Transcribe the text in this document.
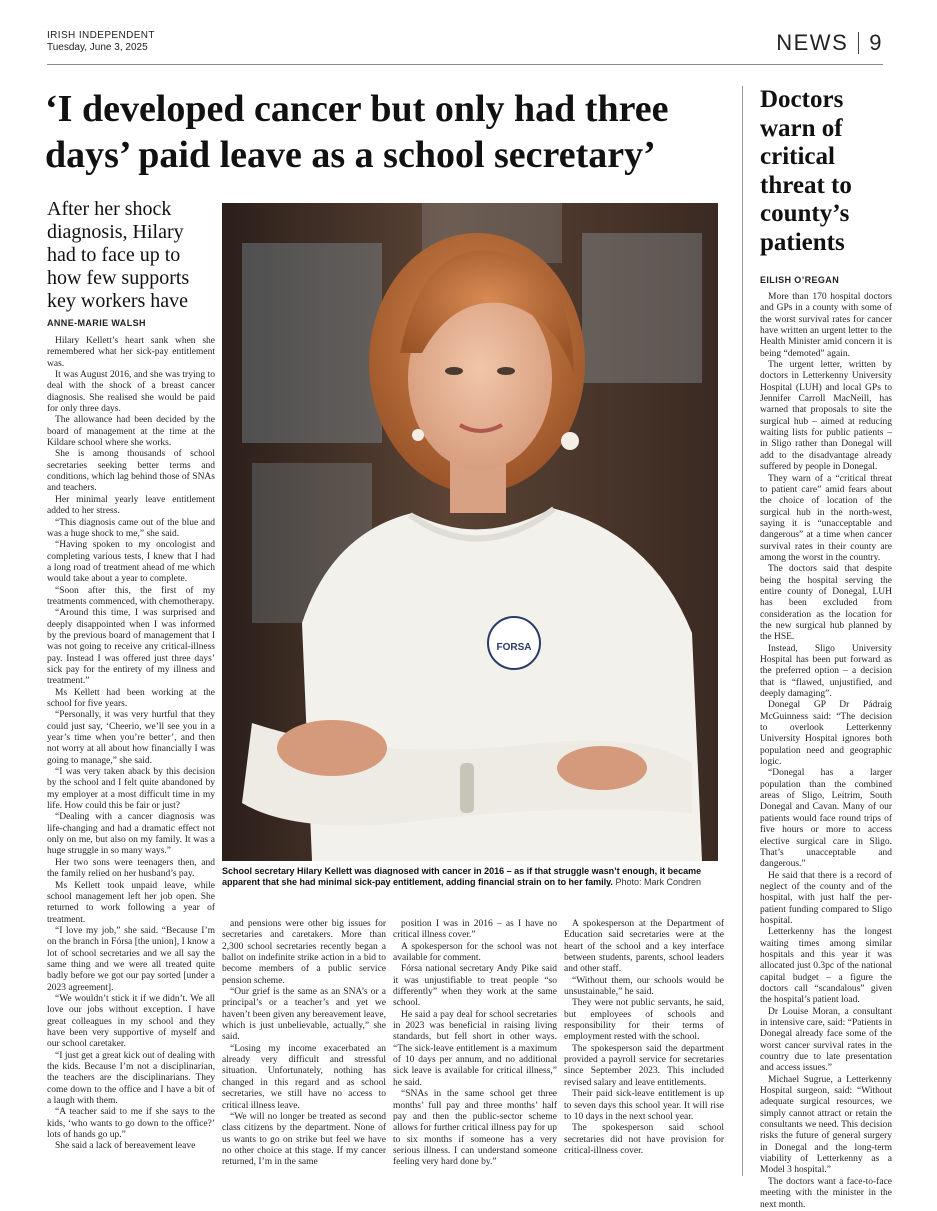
IRISH INDEPENDENT
Tuesday, June 3, 2025	NEWS 9
‘I developed cancer but only had three days’ paid leave as a school secretary’
After her shock diagnosis, Hilary had to face up to how few supports key workers have
ANNE-MARIE WALSH
FORSA
School secretary Hilary Kellett was diagnosed with cancer in 2016 – as if that struggle wasn’t enough, it became apparent that she had minimal sick-pay entitlement, adding financial strain on to her family. Photo: Mark Condren

Hilary Kellett’s heart sank when she remembered what her sick-pay entitlement was.

It was August 2016, and she was trying to deal with the shock of a breast cancer diagnosis. She realised she would be paid for only three days.

The allowance had been decided by the board of management at the time at the Kildare school where she works.

She is among thousands of school secretaries seeking better terms and conditions, which lag behind those of SNAs and teachers.

Her minimal yearly leave entitlement added to her stress.

“This diagnosis came out of the blue and was a huge shock to me,” she said.

“Having spoken to my oncologist and completing various tests, I knew that I had a long road of treatment ahead of me which would take about a year to complete.

“Soon after this, the first of my treatments commenced, with chemotherapy.

“Around this time, I was surprised and deeply disappointed when I was informed by the previous board of management that I was not going to receive any critical-illness pay. Instead I was offered just three days’ sick pay for the entirety of my illness and treatment.”

Ms Kellett had been working at the school for five years.

“Personally, it was very hurtful that they could just say, ‘Cheerio, we’ll see you in a year’s time when you’re better’, and then not worry at all about how financially I was going to manage,” she said.

“I was very taken aback by this decision by the school and I felt quite abandoned by my employer at a most difficult time in my life. How could this be fair or just?

“Dealing with a cancer diagnosis was life-changing and had a dramatic effect not only on me, but also on my family. It was a huge struggle in so many ways.”

Her two sons were teenagers then, and the family relied on her husband’s pay.

Ms Kellett took unpaid leave, while school management left her job open. She returned to work following a year of treatment.

“I love my job,” she said. “Because I’m on the branch in Fórsa [the union], I know a lot of school secretaries and we all say the same thing and we were all treated quite badly before we got our pay sorted [under a 2023 agreement].

“We wouldn’t stick it if we didn’t. We all love our jobs without exception. I have great colleagues in my school and they have been very supportive of myself and our school caretaker.

“I just get a great kick out of dealing with the kids. Because I’m not a disciplinarian, the teachers are the disciplinarians. They come down to the office and I have a bit of a laugh with them.

“A teacher said to me if she says to the kids, ‘who wants to go down to the office?’ lots of hands go up.”

She said a lack of bereavement leave

and pensions were other big issues for secretaries and caretakers. More than 2,300 school secretaries recently began a ballot on indefinite strike action in a bid to become members of a public service pension scheme.

“Our grief is the same as an SNA’s or a principal’s or a teacher’s and yet we haven’t been given any bereavement leave, which is just unbelievable, actually,” she said.

“Losing my income exacerbated an already very difficult and stressful situation. Unfortunately, nothing has changed in this regard and as school secretaries, we still have no access to critical illness leave.

“We will no longer be treated as second class citizens by the department. None of us wants to go on strike but feel we have no other choice at this stage. If my cancer returned, I’m in the same

position I was in 2016 – as I have no critical illness cover.”

A spokesperson for the school was not available for comment.

Fórsa national secretary Andy Pike said it was unjustifiable to treat people “so differently” when they work at the same school.

He said a pay deal for school secretaries in 2023 was beneficial in raising living standards, but fell short in other ways. “The sick-leave entitlement is a maximum of 10 days per annum, and no additional sick leave is available for critical illness,” he said.

“SNAs in the same school get three months’ full pay and three months’ half pay and then the public-sector scheme allows for further critical illness pay for up to six months if someone has a very serious illness. I can understand someone feeling very hard done by.”

A spokesperson at the Department of Education said secretaries were at the heart of the school and a key interface between students, parents, school leaders and other staff.

“Without them, our schools would be unsustainable,” he said.

They were not public servants, he said, but employees of schools and responsibility for their terms of employment rested with the school.

The spokesperson said the department provided a payroll service for secretaries since September 2023. This included revised salary and leave entitlements.

Their paid sick-leave entitlement is up to seven days this school year. It will rise to 10 days in the next school year.

The spokesperson said school secretaries did not have provision for critical-illness cover.

Doctors warn of critical threat to county’s patients
EILISH O’REGAN

More than 170 hospital doctors and GPs in a county with some of the worst survival rates for cancer have written an urgent letter to the Health Minister amid concern it is being “demoted” again.

The urgent letter, written by doctors in Letterkenny University Hospital (LUH) and local GPs to Jennifer Carroll MacNeill, has warned that proposals to site the surgical hub – aimed at reducing waiting lists for public patients – in Sligo rather than Donegal will add to the disadvantage already suffered by people in Donegal.

They warn of a “critical threat to patient care” amid fears about the choice of location of the surgical hub in the north-west, saying it is “unacceptable and dangerous” at a time when cancer survival rates in their county are among the worst in the country.

The doctors said that despite being the hospital serving the entire county of Donegal, LUH has been excluded from consideration as the location for the new surgical hub planned by the HSE.

Instead, Sligo University Hospital has been put forward as the preferred option – a decision that is “flawed, unjustified, and deeply damaging”.

Donegal GP Dr Pádraig McGuinness said: “The decision to overlook Letterkenny University Hospital ignores both population need and geographic logic.

“Donegal has a larger population than the combined areas of Sligo, Leitrim, South Donegal and Cavan. Many of our patients would face round trips of five hours or more to access elective surgical care in Sligo. That’s unacceptable and dangerous.”

He said that there is a record of neglect of the county and of the hospital, with just half the per-patient funding compared to Sligo hospital.

Letterkenny has the longest waiting times among similar hospitals and this year it was allocated just 0.3pc of the national capital budget – a figure the doctors call “scandalous” given the hospital’s patient load.

Dr Louise Moran, a consultant in intensive care, said: “Patients in Donegal already face some of the worst cancer survival rates in the country due to late presentation and access issues.”

Michael Sugrue, a Letterkenny Hospital surgeon, said: “Without adequate surgical resources, we simply cannot attract or retain the consultants we need. This decision risks the future of general surgery in Donegal and the long-term viability of Letterkenny as a Model 3 hospital.”

The doctors want a face-to-face meeting with the minister in the next month.
